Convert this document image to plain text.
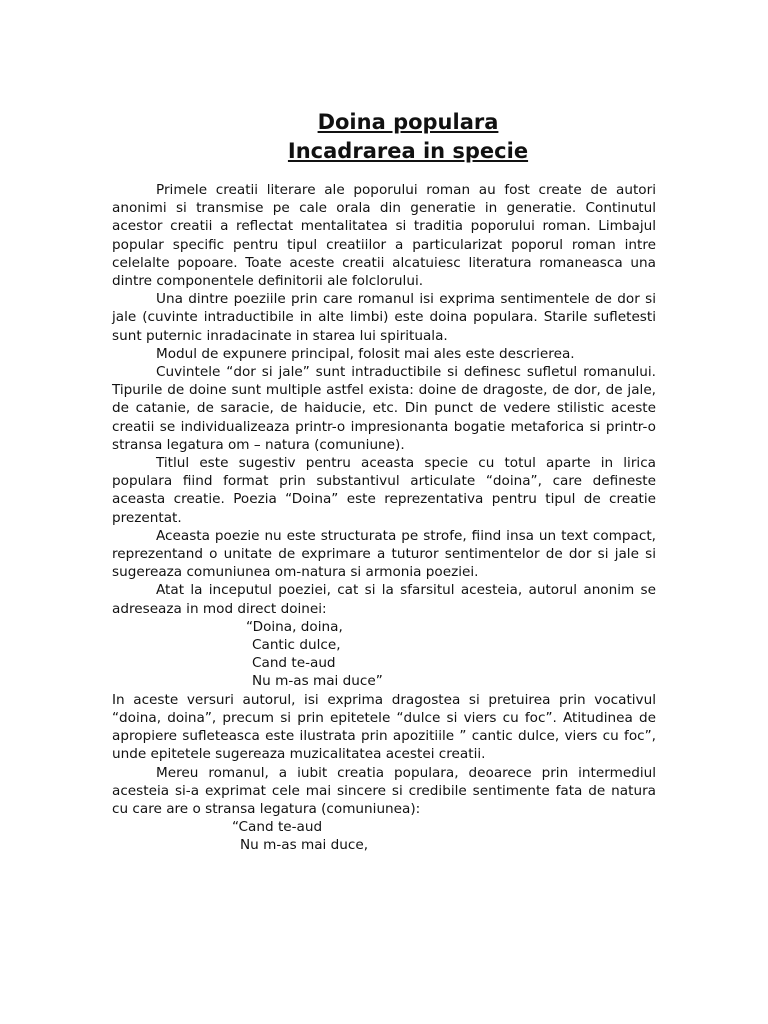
Doina populara
Incadrarea in specie

Primele creatii literare ale poporului roman au fost create de autori anonimi si transmise pe cale orala din generatie in generatie. Continutul acestor creatii a reflectat mentalitatea si traditia poporului roman. Limbajul popular specific pentru tipul creatiilor a particularizat poporul roman intre celelalte popoare. Toate aceste creatii alcatuiesc literatura romaneasca una dintre componentele definitorii ale folclorului.

Una dintre poeziile prin care romanul isi exprima sentimentele de dor si jale (cuvinte intraductibile in alte limbi) este doina populara. Starile sufletesti sunt puternic inradacinate in starea lui spirituala.

Modul de expunere principal, folosit mai ales este descrierea.

Cuvintele “dor si jale” sunt intraductibile si definesc sufletul romanului. Tipurile de doine sunt multiple astfel exista: doine de dragoste, de dor, de jale, de catanie, de saracie, de haiducie, etc. Din punct de vedere stilistic aceste creatii se individualizeaza printr-o impresionanta bogatie metaforica si printr-o stransa legatura om – natura (comuniune).

Titlul este sugestiv pentru aceasta specie cu totul aparte in lirica populara fiind format prin substantivul articulate “doina”, care defineste aceasta creatie. Poezia “Doina” este reprezentativa pentru tipul de creatie prezentat.

Aceasta poezie nu este structurata pe strofe, fiind insa un text compact, reprezentand o unitate de exprimare a tuturor sentimentelor de dor si jale si sugereaza comuniunea om-natura si armonia poeziei.

Atat la inceputul poeziei, cat si la sfarsitul acesteia, autorul anonim se adreseaza in mod direct doinei:

“Doina, doina,

Cantic dulce,

Cand te-aud

Nu m-as mai duce”

In aceste versuri autorul, isi exprima dragostea si pretuirea prin vocativul “doina, doina”, precum si prin epitetele “dulce si viers cu foc”. Atitudinea de apropiere sufleteasca este ilustrata prin apozitiile ” cantic dulce, viers cu foc”, unde epitetele sugereaza muzicalitatea acestei creatii.

Mereu romanul, a iubit creatia populara, deoarece prin intermediul acesteia si-a exprimat cele mai sincere si credibile sentimente fata de natura cu care are o stransa legatura (comuniunea):

“Cand te-aud

Nu m-as mai duce,
